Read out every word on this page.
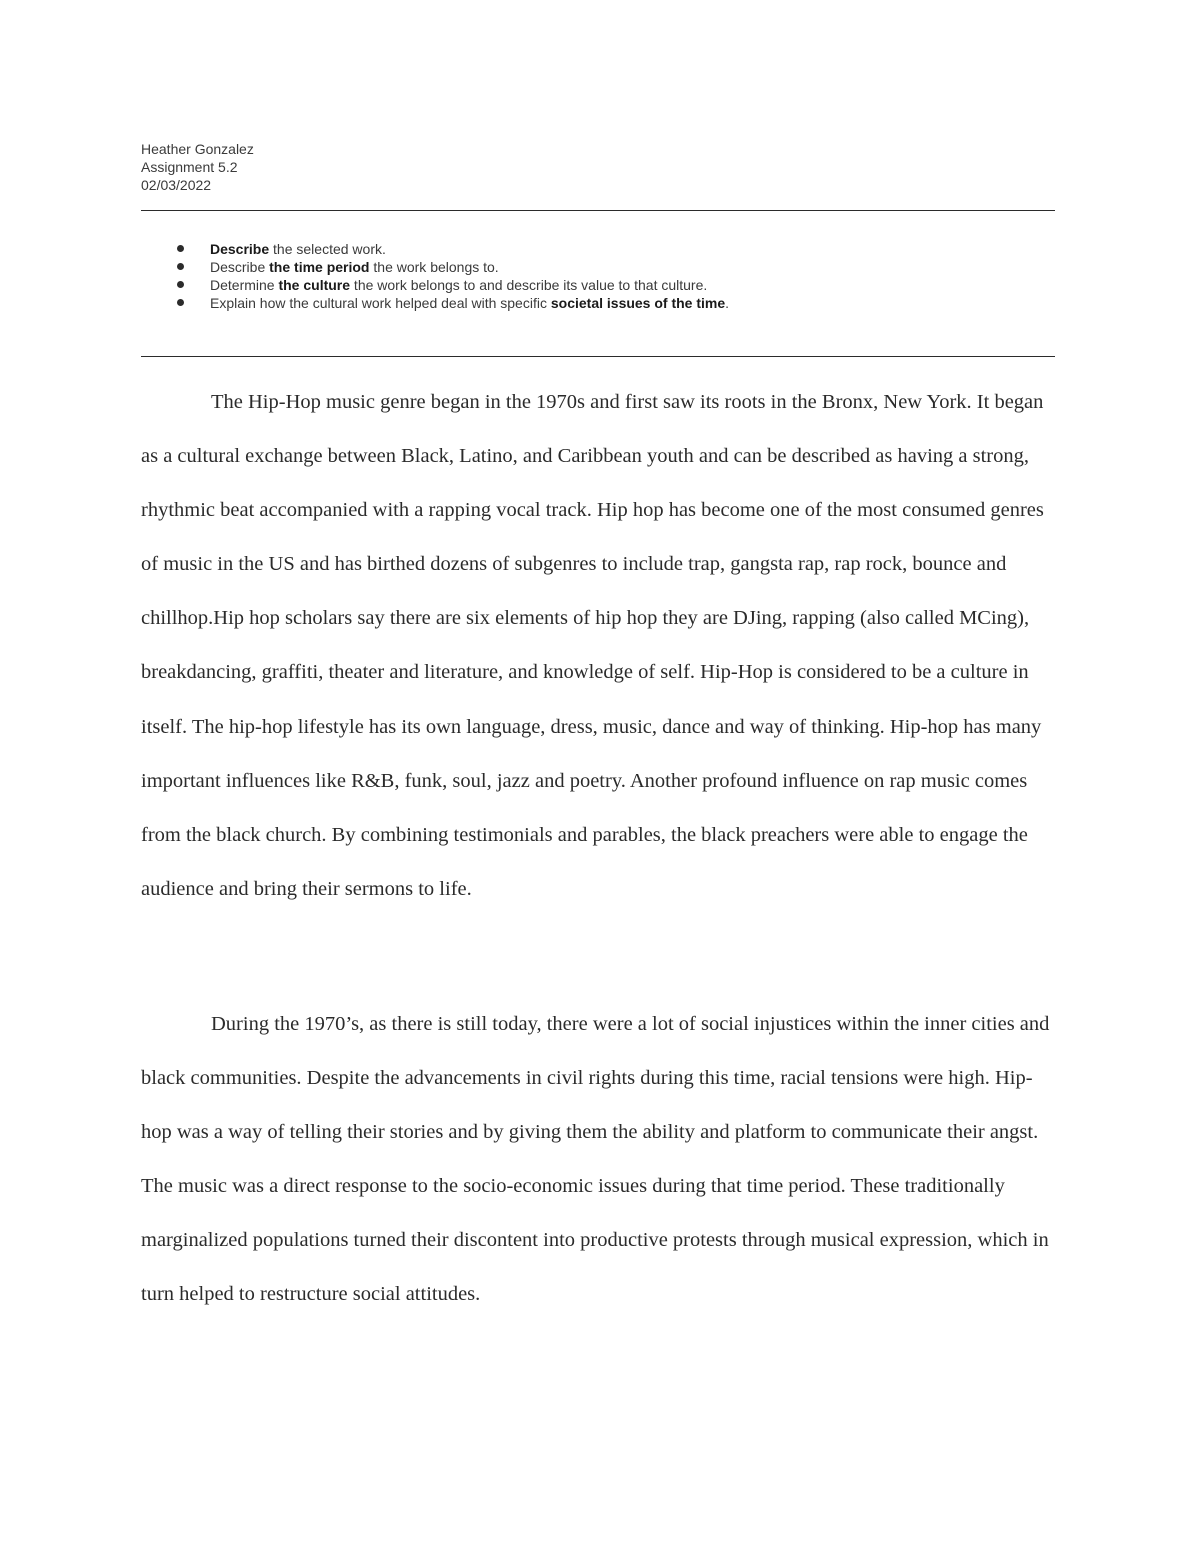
Heather Gonzalez
Assignment 5.2
02/03/2022
Describe the selected work.
Describe the time period the work belongs to.
Determine the culture the work belongs to and describe its value to that culture.
Explain how the cultural work helped deal with specific societal issues of the time.

The Hip-Hop music genre began in the 1970s and first saw its roots in the Bronx, New York. It began as a cultural exchange between Black, Latino, and Caribbean youth and can be described as having a strong, rhythmic beat accompanied with a rapping vocal track. Hip hop has become one of the most consumed genres of music in the US and has birthed dozens of subgenres to include trap, gangsta rap, rap rock, bounce and chillhop.Hip hop scholars say there are six elements of hip hop they are DJing, rapping (also called MCing), breakdancing, graffiti, theater and literature, and knowledge of self. Hip-Hop is considered to be a culture in itself. The hip-hop lifestyle has its own language, dress, music, dance and way of thinking. Hip-hop has many important influences like R&B, funk, soul, jazz and poetry. Another profound influence on rap music comes from the black church. By combining testimonials and parables, the black preachers were able to engage the audience and bring their sermons to life.

During the 1970’s, as there is still today, there were a lot of social injustices within the inner cities and black communities. Despite the advancements in civil rights during this time, racial tensions were high. Hip-hop was a way of telling their stories and by giving them the ability and platform to communicate their angst. The music was a direct response to the socio-economic issues during that time period. These traditionally marginalized populations turned their discontent into productive protests through musical expression, which in turn helped to restructure social attitudes.
